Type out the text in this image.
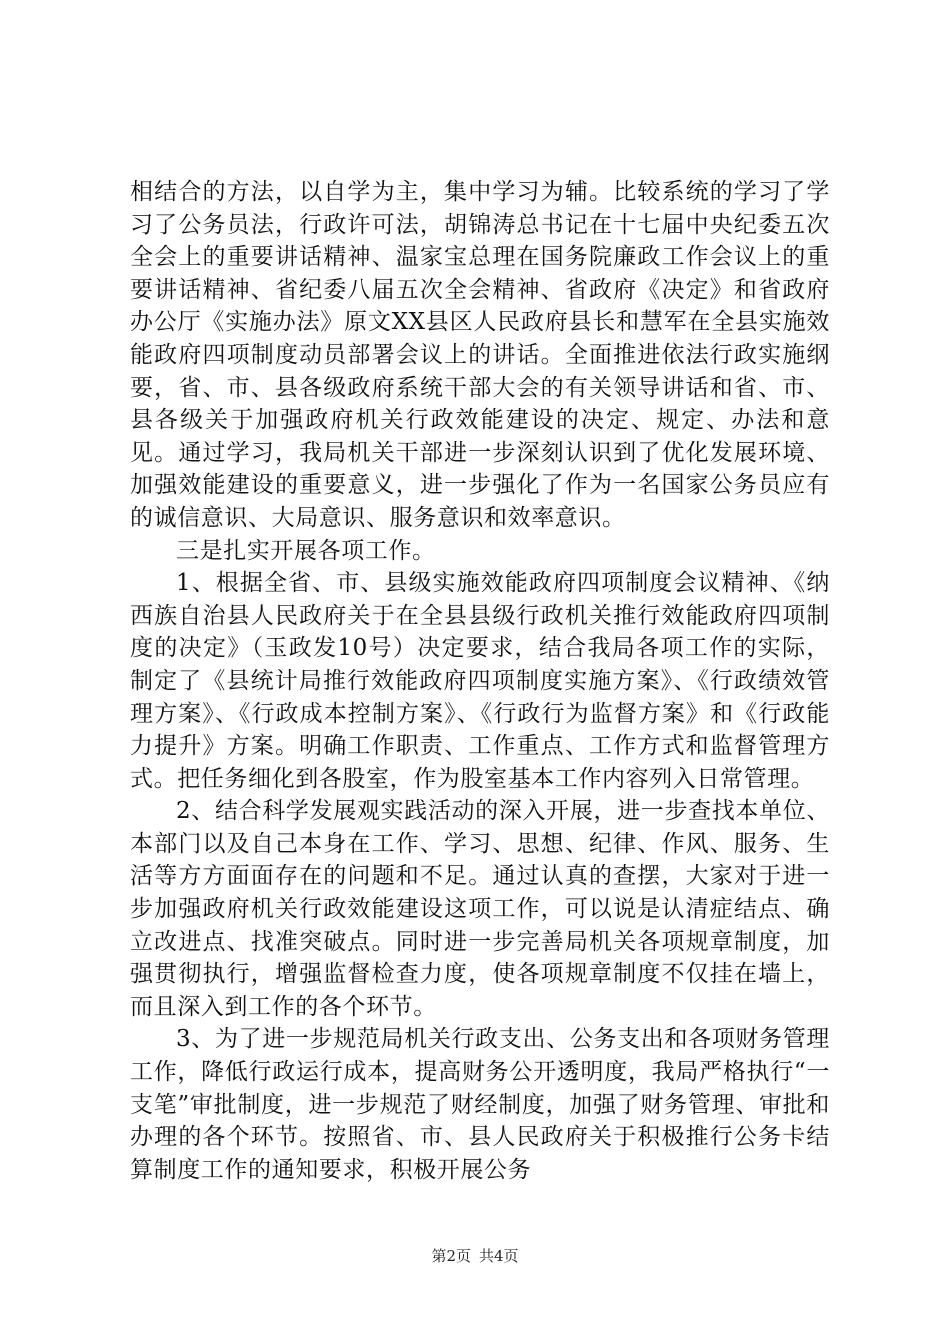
相结合的方法，以自学为主，集中学习为辅。比较系统的学习了学习了公务员法，行政许可法，胡锦涛总书记在十七届中央纪委五次全会上的重要讲话精神、温家宝总理在国务院廉政工作会议上的重要讲话精神、省纪委八届五次全会精神、省政府《决定》和省政府办公厅《实施办法》原文XX县区人民政府县长和慧军在全县实施效能政府四项制度动员部署会议上的讲话。全面推进依法行政实施纲要，省、市、县各级政府系统干部大会的有关领导讲话和省、市、县各级关于加强政府机关行政效能建设的决定、规定、办法和意见。通过学习，我局机关干部进一步深刻认识到了优化发展环境、加强效能建设的重要意义，进一步强化了作为一名国家公务员应有的诚信意识、大局意识、服务意识和效率意识。

三是扎实开展各项工作。

1、根据全省、市、县级实施效能政府四项制度会议精神、《纳西族自治县人民政府关于在全县县级行政机关推行效能政府四项制度的决定》（玉政发10号）决定要求，结合我局各项工作的实际，制定了《县统计局推行效能政府四项制度实施方案》、《行政绩效管理方案》、《行政成本控制方案》、《行政行为监督方案》和《行政能力提升》方案。明确工作职责、工作重点、工作方式和监督管理方式。把任务细化到各股室，作为股室基本工作内容列入日常管理。

2、结合科学发展观实践活动的深入开展，进一步查找本单位、本部门以及自己本身在工作、学习、思想、纪律、作风、服务、生活等方方面面存在的问题和不足。通过认真的查摆，大家对于进一步加强政府机关行政效能建设这项工作，可以说是认清症结点、确立改进点、找准突破点。同时进一步完善局机关各项规章制度，加强贯彻执行，增强监督检查力度，使各项规章制度不仅挂在墙上，而且深入到工作的各个环节。

3、为了进一步规范局机关行政支出、公务支出和各项财务管理工作，降低行政运行成本，提高财务公开透明度，我局严格执行“一支笔”审批制度，进一步规范了财经制度，加强了财务管理、审批和办理的各个环节。按照省、市、县人民政府关于积极推行公务卡结算制度工作的通知要求，积极开展公务

第2页 共4页
